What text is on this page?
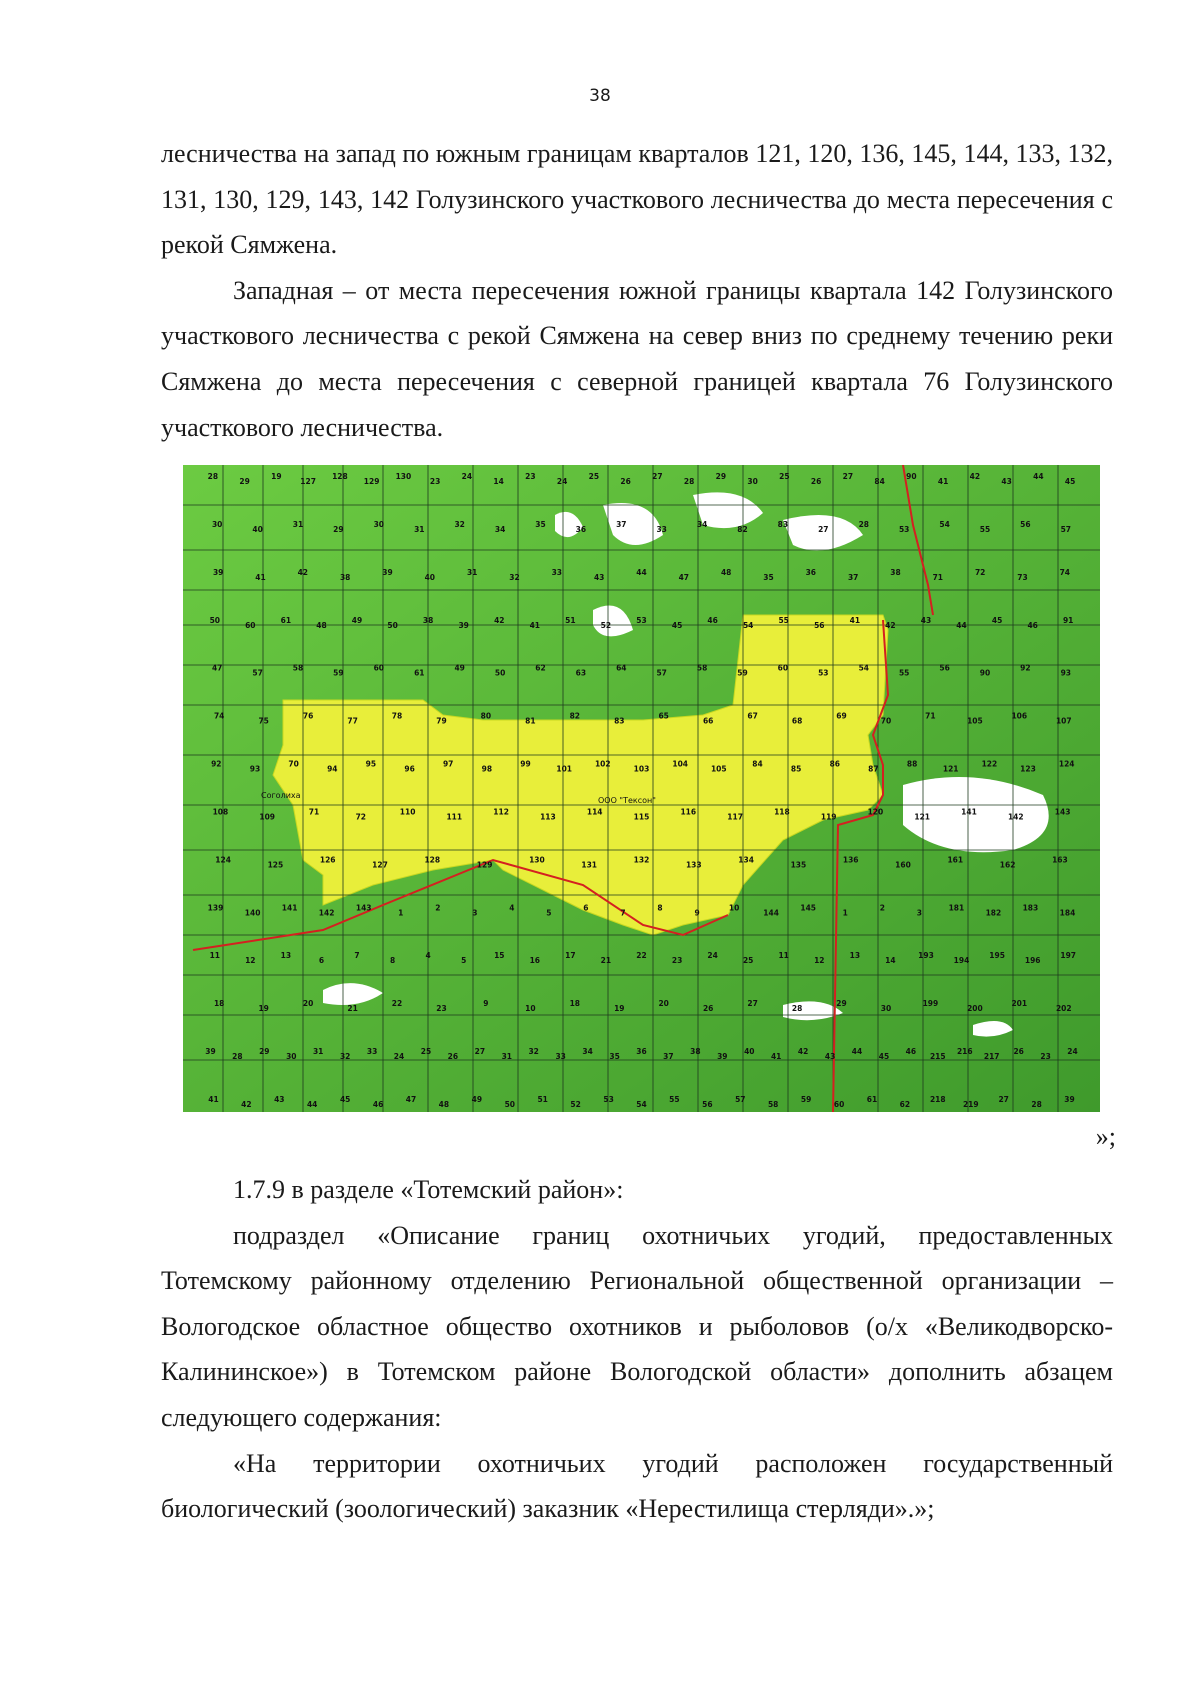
38

лесничества на запад по южным границам кварталов 121, 120, 136, 145, 144, 133, 132, 131, 130, 129, 143, 142 Голузинского участкового лесничества до места пересечения с рекой Сямжена.

Западная – от места пересечения южной границы квартала 142 Голузинского участкового лесничества с рекой Сямжена на север вниз по среднему течению реки Сямжена до места пересечения с северной границей квартала 76 Голузинского участкового лесничества.

28
29
19
127
128
129
130
23
24
14
23
24
25
26
27
28
29
30
25
26
27
84
90
41
42
43
44
45
30
40
31
29
30
31
32
34
35
36
37
33
34
82
83
27
28
53
54
55
56
57
39
41
42
38
39
40
31
32
33
43
44
47
48
35
36
37
38
71
72
73
74
50
60
61
48
49
50
38
39
42
41
51
52
53
45
46
54
55
56
41
42
43
44
45
46
91
47
57
58
59
60
61
49
50
62
63
64
57
58
59
60
53
54
55
56
90
92
93
74
75
76
77
78
79
80
81
82
83
65
66
67
68
69
70
71
105
106
107
92
93
70
94
95
96
97
98
99
101
102
103
104
105
84
85
86
87
88
121
122
123
124
108
109
71
72
110
111
112
113
114
115
116
117
118
119
120
121
141
142
143
124
125
126
127
128
129
130
131
132
133
134
135
136
160
161
162
163
139
140
141
142
143
1
2
3
4
5
6
7
8
9
10
144
145
1
2
3
181
182
183
184
11
12
13
6
7
8
4
5
15
16
17
21
22
23
24
25
11
12
13
14
193
194
195
196
197
18
19
20
21
22
23
9
10
18
19
20
26
27
28
29
30
199
200
201
202
39
28
29
30
31
32
33
24
25
26
27
31
32
33
34
35
36
37
38
39
40
41
42
43
44
45
46
215
216
217
26
23
24
41
42
43
44
45
46
47
48
49
50
51
52
53
54
55
56
57
58
59
60
61
62
218
219
27
28
39
ООО "Тексон"
Соголиха
»;

1.7.9 в разделе «Тотемский район»:

подраздел «Описание границ охотничьих угодий, предоставленных Тотемскому районному отделению Региональной общественной организации – Вологодское областное общество охотников и рыболовов (о/х «Великодворско-Калининское») в Тотемском районе Вологодской области» дополнить абзацем следующего содержания:

«На территории охотничьих угодий расположен государственный биологический (зоологический) заказник «Нерестилища стерляди».»;
